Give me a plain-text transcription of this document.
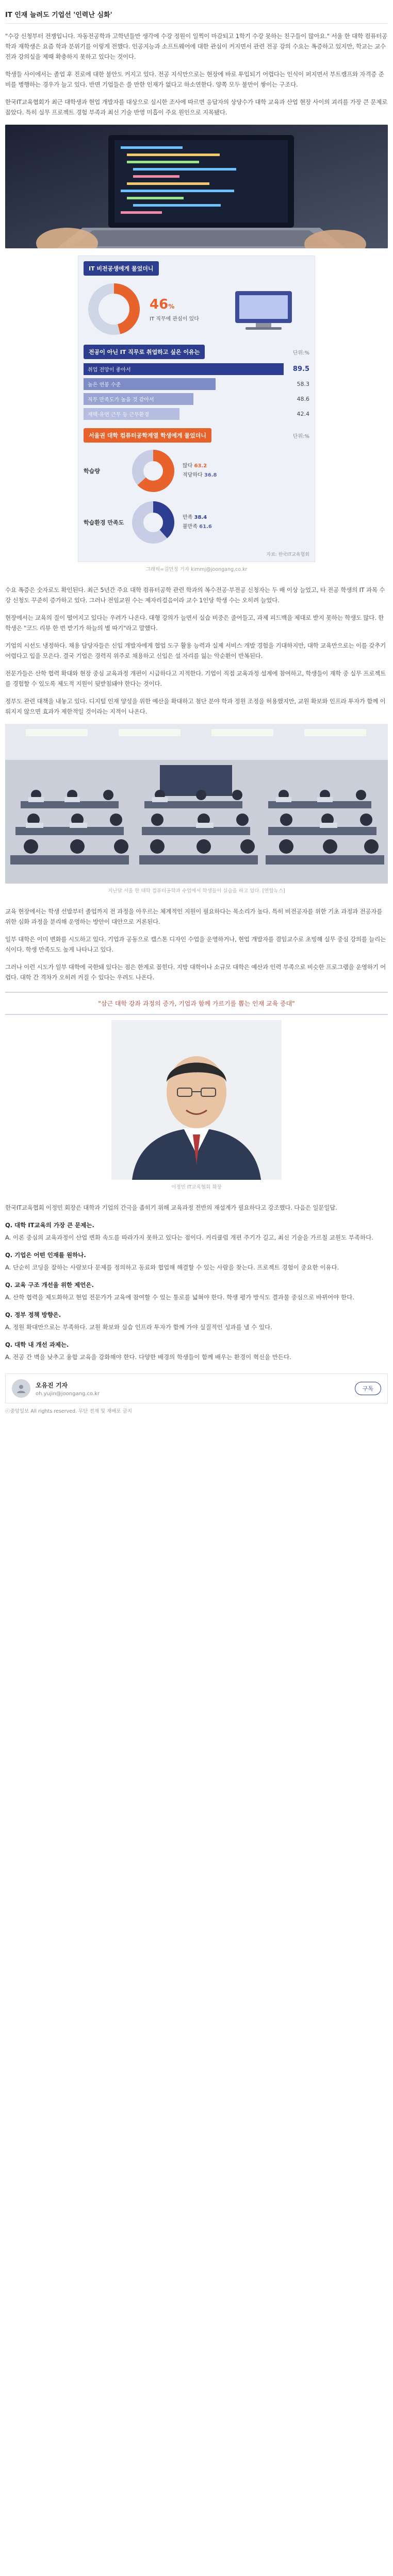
IT 인재 늘려도 기업선 '인력난 심화'

"수강 신청부터 전쟁입니다. 자동전공학과 고학년들만 생각에 수강 정원이 일찍이 마감되고 1학기 수강 못하는 친구들이 많아요." 서울 한 대학 컴퓨터공학과 재학생은 요즘 학과 분위기를 이렇게 전했다. 인공지능과 소프트웨어에 대한 관심이 커지면서 관련 전공 강의 수요는 폭증하고 있지만, 학교는 교수진과 강의실을 제때 확충하지 못하고 있다는 것이다.

학생들 사이에서는 졸업 후 진로에 대한 불안도 커지고 있다. 전공 지식만으로는 현장에 바로 투입되기 어렵다는 인식이 퍼지면서 부트캠프와 자격증 준비를 병행하는 경우가 늘고 있다. 반면 기업들은 쓸 만한 인재가 없다고 하소연한다. 양쪽 모두 불만이 쌓이는 구조다.

한국IT교육협회가 최근 대학생과 현업 개발자를 대상으로 실시한 조사에 따르면 응답자의 상당수가 대학 교육과 산업 현장 사이의 괴리를 가장 큰 문제로 꼽았다. 특히 실무 프로젝트 경험 부족과 최신 기술 반영 미흡이 주요 원인으로 지목됐다.

IT 비전공생에게 물었더니
46%
IT 직무에 관심이 있다
전공이 아닌 IT 직무로 취업하고 싶은 이유는	단위:%
취업 전망이 좋아서	89.5
높은 연봉 수준	58.3
직무 만족도가 높을 것 같아서	48.6
재택·유연 근무 등 근무환경	42.4
서울권 대학 컴퓨터공학계열 학생에게 물었더니	단위:%
학습량
많다 63.2
적당하다 36.8
학습환경 만족도
만족 38.4
불만족 61.6
자료: 한국IT교육협회
그래픽=김민정 기자 kimmj@joongang.co.kr

수요 폭증은 숫자로도 확인된다. 최근 5년간 주요 대학 컴퓨터공학 관련 학과의 복수전공·부전공 신청자는 두 배 이상 늘었고, 타 전공 학생의 IT 과목 수강 신청도 꾸준히 증가하고 있다. 그러나 전임교원 수는 제자리걸음이라 교수 1인당 학생 수는 오히려 늘었다.

현장에서는 교육의 질이 떨어지고 있다는 우려가 나온다. 대형 강의가 늘면서 실습 비중은 줄어들고, 과제 피드백을 제대로 받지 못하는 학생도 많다. 한 학생은 "코드 리뷰 한 번 받기가 하늘의 별 따기"라고 말했다.

기업의 시선도 냉정하다. 채용 담당자들은 신입 개발자에게 협업 도구 활용 능력과 실제 서비스 개발 경험을 기대하지만, 대학 교육만으로는 이를 갖추기 어렵다고 입을 모은다. 결국 기업은 경력직 위주로 채용하고 신입은 설 자리를 잃는 악순환이 반복된다.

전문가들은 산학 협력 확대와 현장 중심 교육과정 개편이 시급하다고 지적한다. 기업이 직접 교육과정 설계에 참여하고, 학생들이 재학 중 실무 프로젝트를 경험할 수 있도록 제도적 지원이 뒷받침돼야 한다는 것이다.

정부도 관련 대책을 내놓고 있다. 디지털 인재 양성을 위한 예산을 확대하고 첨단 분야 학과 정원 조정을 허용했지만, 교원 확보와 인프라 투자가 함께 이뤄지지 않으면 효과가 제한적일 것이라는 지적이 나온다.

지난달 서울 한 대학 컴퓨터공학과 수업에서 학생들이 실습을 하고 있다. [연합뉴스]

교육 현장에서는 학생 선발부터 졸업까지 전 과정을 아우르는 체계적인 지원이 필요하다는 목소리가 높다. 특히 비전공자를 위한 기초 과정과 전공자를 위한 심화 과정을 분리해 운영하는 방안이 대안으로 거론된다.

일부 대학은 이미 변화를 시도하고 있다. 기업과 공동으로 캡스톤 디자인 수업을 운영하거나, 현업 개발자를 겸임교수로 초빙해 실무 중심 강의를 늘리는 식이다. 학생 만족도도 높게 나타나고 있다.

그러나 이런 시도가 일부 대학에 국한돼 있다는 점은 한계로 꼽힌다. 지방 대학이나 소규모 대학은 예산과 인력 부족으로 비슷한 프로그램을 운영하기 어렵다. 대학 간 격차가 오히려 커질 수 있다는 우려도 나온다.

"삼근 대학 강좌 과정의 증가, 기업과 함께 가르기를 뽑는 인재 교육 증대"
이정민 IT교육협회 회장

한국IT교육협회 이정민 회장은 대학과 기업의 간극을 좁히기 위해 교육과정 전반의 재설계가 필요하다고 강조했다. 다음은 일문일답.

Q. 대학 IT교육의 가장 큰 문제는.
A. 이론 중심의 교육과정이 산업 변화 속도를 따라가지 못하고 있다는 점이다. 커리큘럼 개편 주기가 길고, 최신 기술을 가르칠 교원도 부족하다.
Q. 기업은 어떤 인재를 원하나.
A. 단순히 코딩을 잘하는 사람보다 문제를 정의하고 동료와 협업해 해결할 수 있는 사람을 찾는다. 프로젝트 경험이 중요한 이유다.
Q. 교육 구조 개선을 위한 제언은.
A. 산학 협력을 제도화하고 현업 전문가가 교육에 참여할 수 있는 통로를 넓혀야 한다. 학생 평가 방식도 결과물 중심으로 바뀌어야 한다.
Q. 정부 정책 방향은.
A. 정원 확대만으로는 부족하다. 교원 확보와 실습 인프라 투자가 함께 가야 실질적인 성과를 낼 수 있다.
Q. 대학 내 개선 과제는.
A. 전공 간 벽을 낮추고 융합 교육을 강화해야 한다. 다양한 배경의 학생들이 함께 배우는 환경이 혁신을 만든다.
오유진 기자
oh.yujin@joongang.co.kr
구독
ⓒ중앙일보 All rights reserved. 무단 전재 및 재배포 금지
